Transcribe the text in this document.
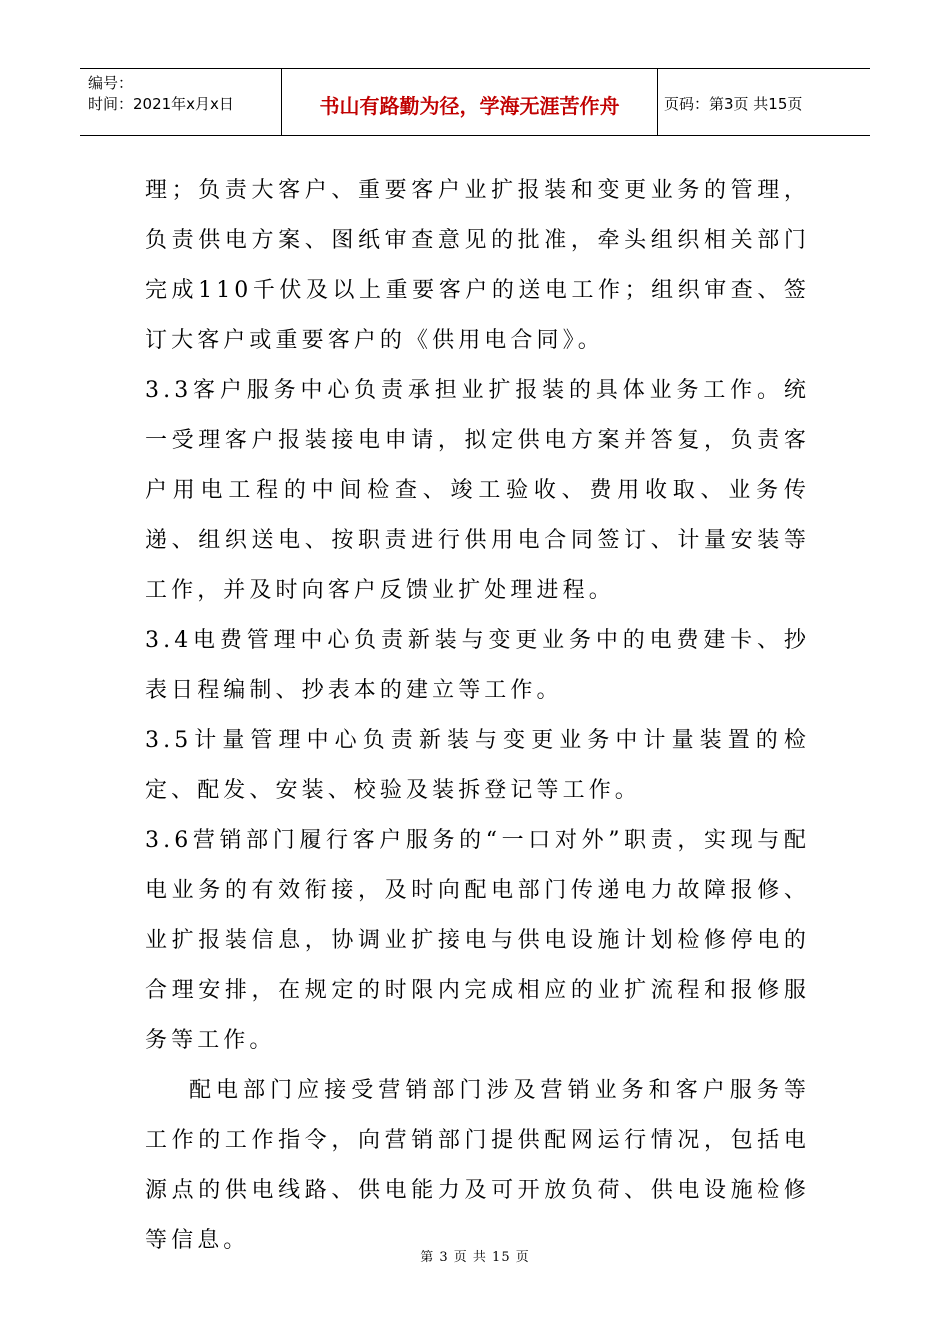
编号：
时间：2021年x月x日	书山有路勤为径，学海无涯苦作舟	页码：第3页 共15页

理；负责大客户、重要客户业扩报装和变更业务的管理，负责供电方案、图纸审查意见的批准，牵头组织相关部门完成110千伏及以上重要客户的送电工作；组织审查、签订大客户或重要客户的《供用电合同》。

3.3客户服务中心负责承担业扩报装的具体业务工作。统一受理客户报装接电申请，拟定供电方案并答复，负责客户用电工程的中间检查、竣工验收、费用收取、业务传递、组织送电、按职责进行供用电合同签订、计量安装等工作，并及时向客户反馈业扩处理进程。

3.4电费管理中心负责新装与变更业务中的电费建卡、抄表日程编制、抄表本的建立等工作。

3.5计量管理中心负责新装与变更业务中计量装置的检定、配发、安装、校验及装拆登记等工作。

3.6营销部门履行客户服务的“一口对外”职责，实现与配电业务的有效衔接，及时向配电部门传递电力故障报修、业扩报装信息，协调业扩接电与供电设施计划检修停电的合理安排，在规定的时限内完成相应的业扩流程和报修服务等工作。

配电部门应接受营销部门涉及营销业务和客户服务等工作的工作指令，向营销部门提供配网运行情况，包括电源点的供电线路、供电能力及可开放负荷、供电设施检修等信息。

第 3 页 共 15 页
